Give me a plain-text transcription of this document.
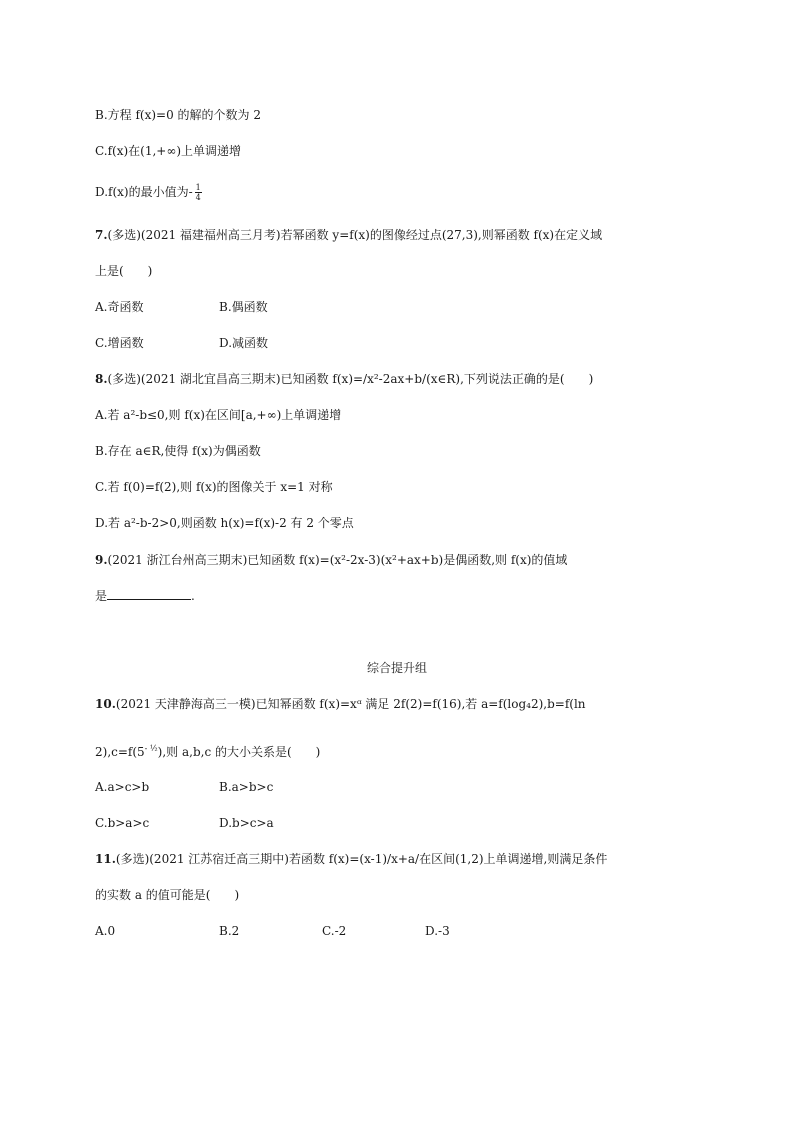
B.方程 f(x)=0 的解的个数为 2
C.f(x)在(1,+∞)上单调递增
D.f(x)的最小值为- $\frac{1}{4}$
7.(多选)(2021 福建福州高三月考)若幂函数 y=f(x)的图像经过点(27,3),则幂函数 f(x)在定义域
上是(　　)
A.奇函数	B.偶函数
C.增函数	D.减函数
8.(多选)(2021 湖北宜昌高三期末)已知函数 f(x)=/x²-2ax+b/(x∈R),下列说法正确的是(　　)
A.若 a²-b≤0,则 f(x)在区间[a,+∞)上单调递增
B.存在 a∈R,使得 f(x)为偶函数
C.若 f(0)=f(2),则 f(x)的图像关于 x=1 对称
D.若 a²-b-2>0,则函数 h(x)=f(x)-2 有 2 个零点
9.(2021 浙江台州高三期末)已知函数 f(x)=(x²-2x-3)(x²+ax+b)是偶函数,则 f(x)的值域
是	.
综合提升组
10.(2021 天津静海高三一模)已知幂函数 f(x)=xᵅ 满足 2f(2)=f(16),若 a=f(log₄2),b=f(ln
$2),c=f(5^{- \frac{1}{2}})$,则 a,b,c 的大小关系是(　　)
A.a>c>b	B.a>b>c
C.b>a>c	D.b>c>a
11.(多选)(2021 江苏宿迁高三期中)若函数 f(x)=(x-1)/x+a/在区间(1,2)上单调递增,则满足条件
的实数 a 的值可能是(　　)
A.0	B.2	C.-2	D.-3
